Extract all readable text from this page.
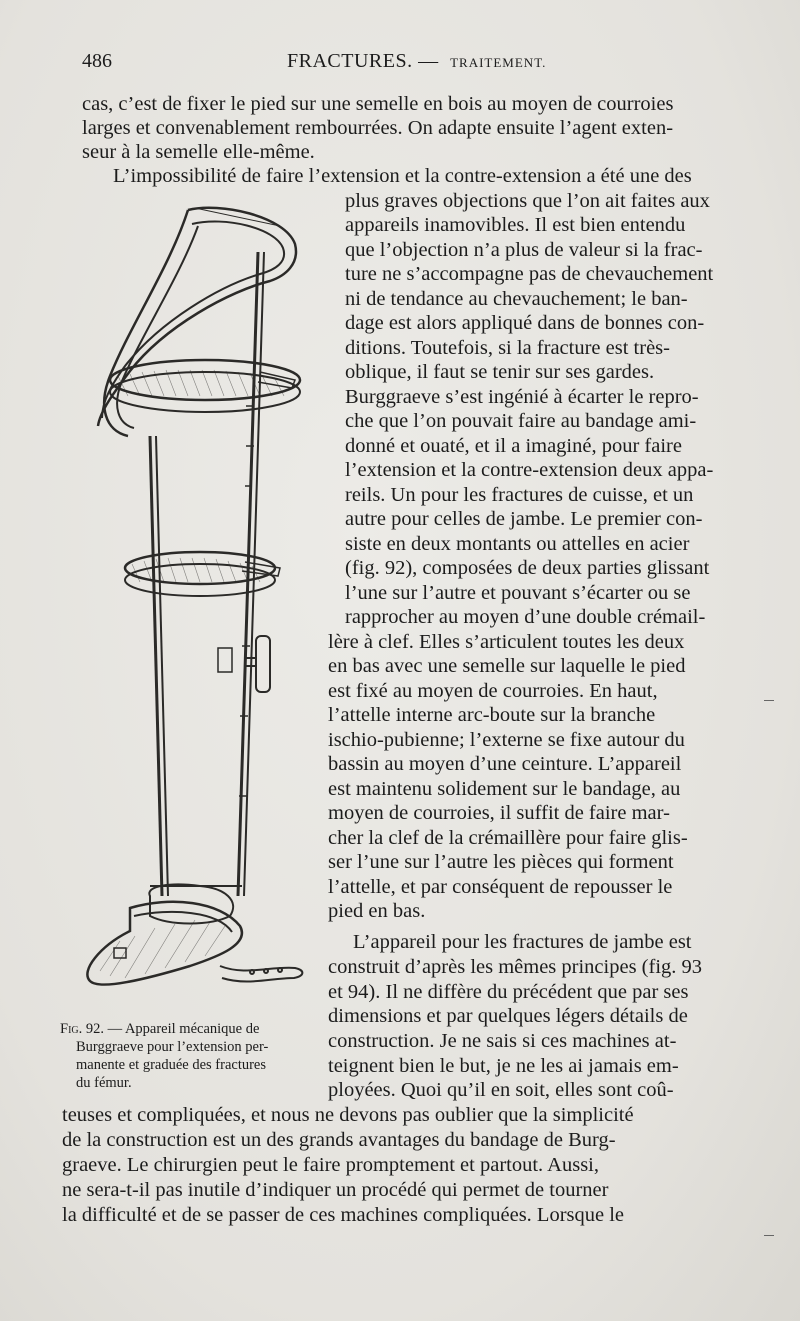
486	FRACTURES. — TRAITEMENT.
cas, c’est de fixer le pied sur une semelle en bois au moyen de courroies
larges et convenablement rembourrées. On adapte ensuite l’agent exten-
seur à la semelle elle-même.
L’impossibilité de faire l’extension et la contre-extension a été une des
plus graves objections que l’on ait faites aux
appareils inamovibles. Il est bien entendu
que l’objection n’a plus de valeur si la frac-
ture ne s’accompagne pas de chevauchement
ni de tendance au chevauchement; le ban-
dage est alors appliqué dans de bonnes con-
ditions. Toutefois, si la fracture est très-
oblique, il faut se tenir sur ses gardes.
Burggraeve s’est ingénié à écarter le repro-
che que l’on pouvait faire au bandage ami-
donné et ouaté, et il a imaginé, pour faire
l’extension et la contre-extension deux appa-
reils. Un pour les fractures de cuisse, et un
autre pour celles de jambe. Le premier con-
siste en deux montants ou attelles en acier
(fig. 92), composées de deux parties glissant
l’une sur l’autre et pouvant s’écarter ou se
rapprocher au moyen d’une double crémail-
lère à clef. Elles s’articulent toutes les deux
en bas avec une semelle sur laquelle le pied
est fixé au moyen de courroies. En haut,
l’attelle interne arc-boute sur la branche
ischio-pubienne; l’externe se fixe autour du
bassin au moyen d’une ceinture. L’appareil
est maintenu solidement sur le bandage, au
moyen de courroies, il suffit de faire mar-
cher la clef de la crémaillère pour faire glis-
ser l’une sur l’autre les pièces qui forment
l’attelle, et par conséquent de repousser le
pied en bas.
L’appareil pour les fractures de jambe est
construit d’après les mêmes principes (fig. 93
et 94). Il ne diffère du précédent que par ses
dimensions et par quelques légers détails de
construction. Je ne sais si ces machines at-
teignent bien le but, je ne les ai jamais em-
ployées. Quoi qu’il en soit, elles sont coû-
teuses et compliquées, et nous ne devons pas oublier que la simplicité
de la construction est un des grands avantages du bandage de Burg-
graeve. Le chirurgien peut le faire promptement et partout. Aussi,
ne sera-t-il pas inutile d’indiquer un procédé qui permet de tourner
la difficulté et de se passer de ces machines compliquées. Lorsque le
Fig. 92. — Appareil mécanique de
Burggraeve pour l’extension per-
manente et graduée des fractures
du fémur.
